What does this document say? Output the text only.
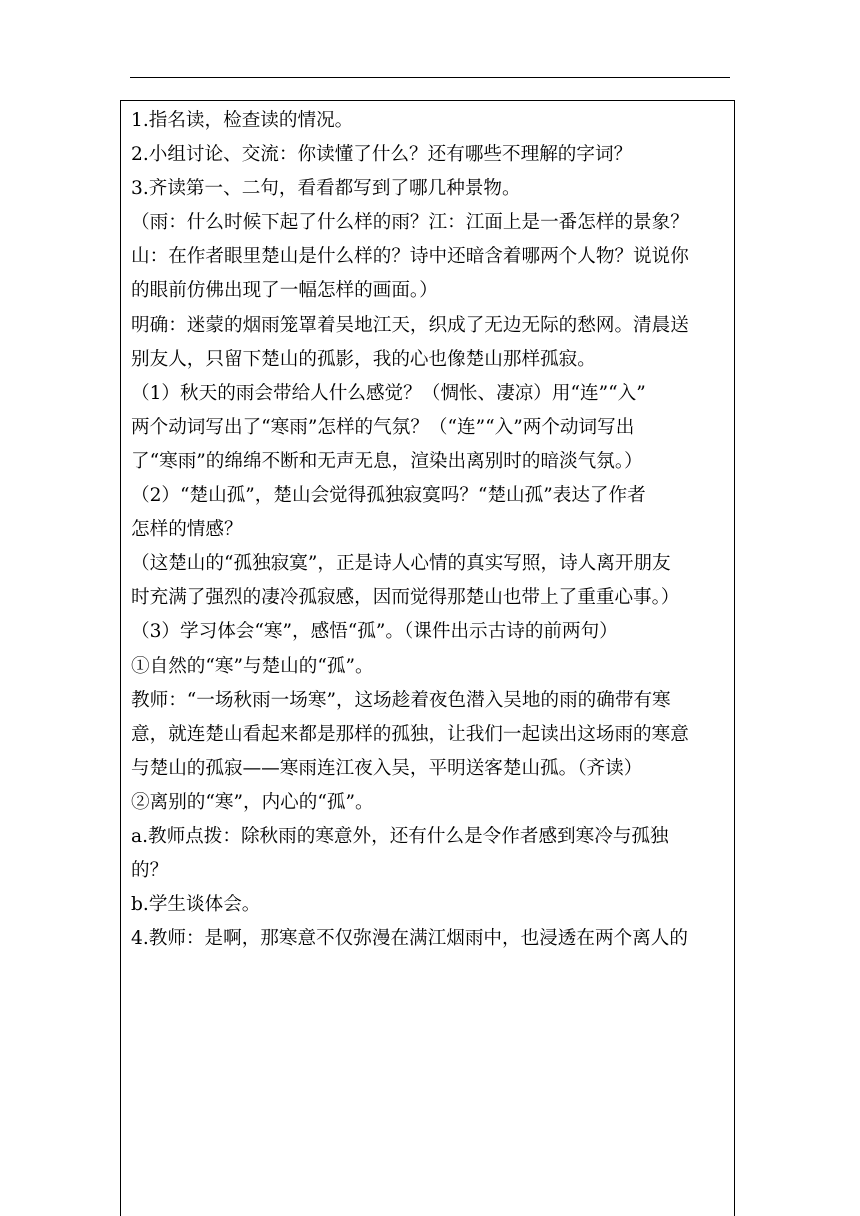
1.指名读，检查读的情况。
2.小组讨论、交流：你读懂了什么？还有哪些不理解的字词？
3.齐读第一、二句，看看都写到了哪几种景物。
（雨：什么时候下起了什么样的雨？江：江面上是一番怎样的景象？
山：在作者眼里楚山是什么样的？诗中还暗含着哪两个人物？说说你
的眼前仿佛出现了一幅怎样的画面。）
明确：迷蒙的烟雨笼罩着吴地江天，织成了无边无际的愁网。清晨送
别友人，只留下楚山的孤影，我的心也像楚山那样孤寂。
（1）秋天的雨会带给人什么感觉？（惆怅、凄凉）用“连”“入”
两个动词写出了“寒雨”怎样的气氛？（“连”“入”两个动词写出
了“寒雨”的绵绵不断和无声无息，渲染出离别时的暗淡气氛。）
（2）“楚山孤”，楚山会觉得孤独寂寞吗？“楚山孤”表达了作者
怎样的情感？
（这楚山的“孤独寂寞”，正是诗人心情的真实写照，诗人离开朋友
时充满了强烈的凄冷孤寂感，因而觉得那楚山也带上了重重心事。）
（3）学习体会“寒”，感悟“孤”。（课件出示古诗的前两句）
①自然的“寒”与楚山的“孤”。
教师：“一场秋雨一场寒”，这场趁着夜色潜入吴地的雨的确带有寒
意，就连楚山看起来都是那样的孤独，让我们一起读出这场雨的寒意
与楚山的孤寂——寒雨连江夜入吴，平明送客楚山孤。（齐读）
②离别的“寒”，内心的“孤”。
a.教师点拨：除秋雨的寒意外，还有什么是令作者感到寒冷与孤独
的？
b.学生谈体会。
4.教师：是啊，那寒意不仅弥漫在满江烟雨中，也浸透在两个离人的
